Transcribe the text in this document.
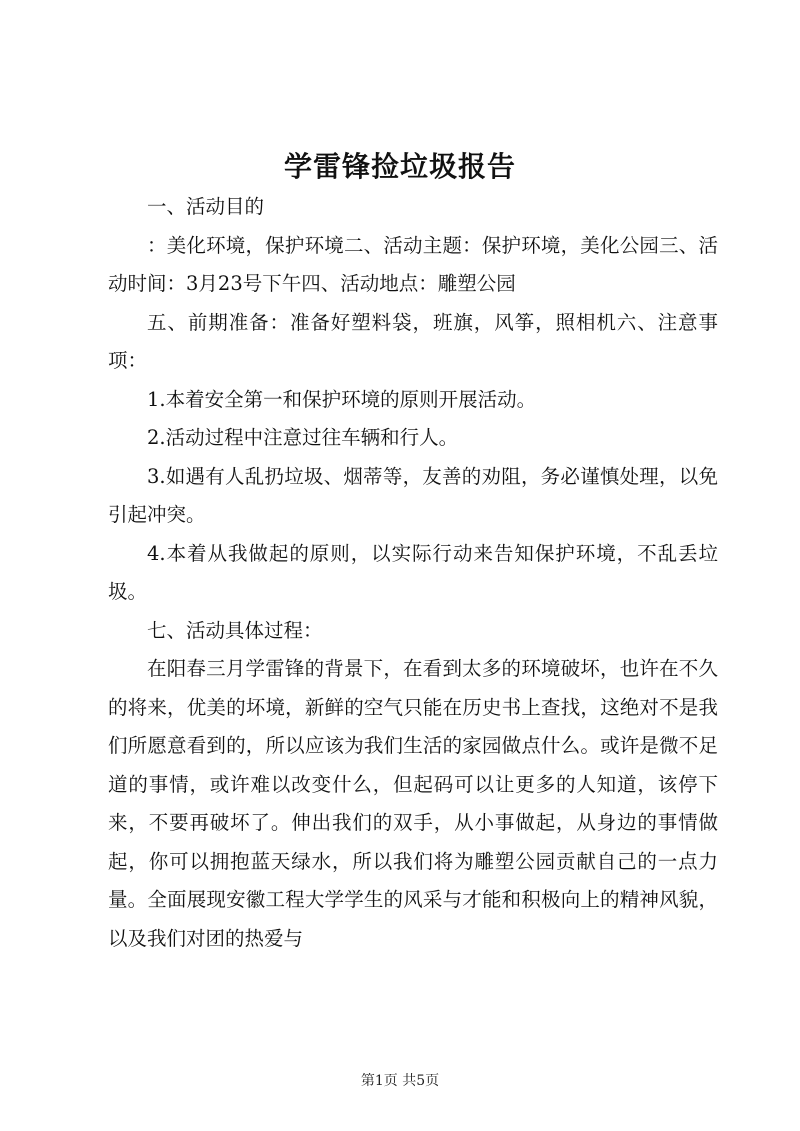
学雷锋捡垃圾报告

一、活动目的

：美化环境，保护环境二、活动主题：保护环境，美化公园三、活动时间：3月23号下午四、活动地点：雕塑公园

五、前期准备：准备好塑料袋，班旗，风筝，照相机六、注意事项：

1.本着安全第一和保护环境的原则开展活动。

2.活动过程中注意过往车辆和行人。

3.如遇有人乱扔垃圾、烟蒂等，友善的劝阻，务必谨慎处理，以免引起冲突。

4.本着从我做起的原则，以实际行动来告知保护环境，不乱丢垃圾。

七、活动具体过程：

在阳春三月学雷锋的背景下，在看到太多的环境破坏，也许在不久的将来，优美的坏境，新鲜的空气只能在历史书上查找，这绝对不是我们所愿意看到的，所以应该为我们生活的家园做点什么。或许是微不足道的事情，或许难以改变什么，但起码可以让更多的人知道，该停下来，不要再破坏了。伸出我们的双手，从小事做起，从身边的事情做起，你可以拥抱蓝天绿水，所以我们将为雕塑公园贡献自己的一点力量。全面展现安徽工程大学学生的风采与才能和积极向上的精神风貌，以及我们对团的热爱与

第1页 共5页
